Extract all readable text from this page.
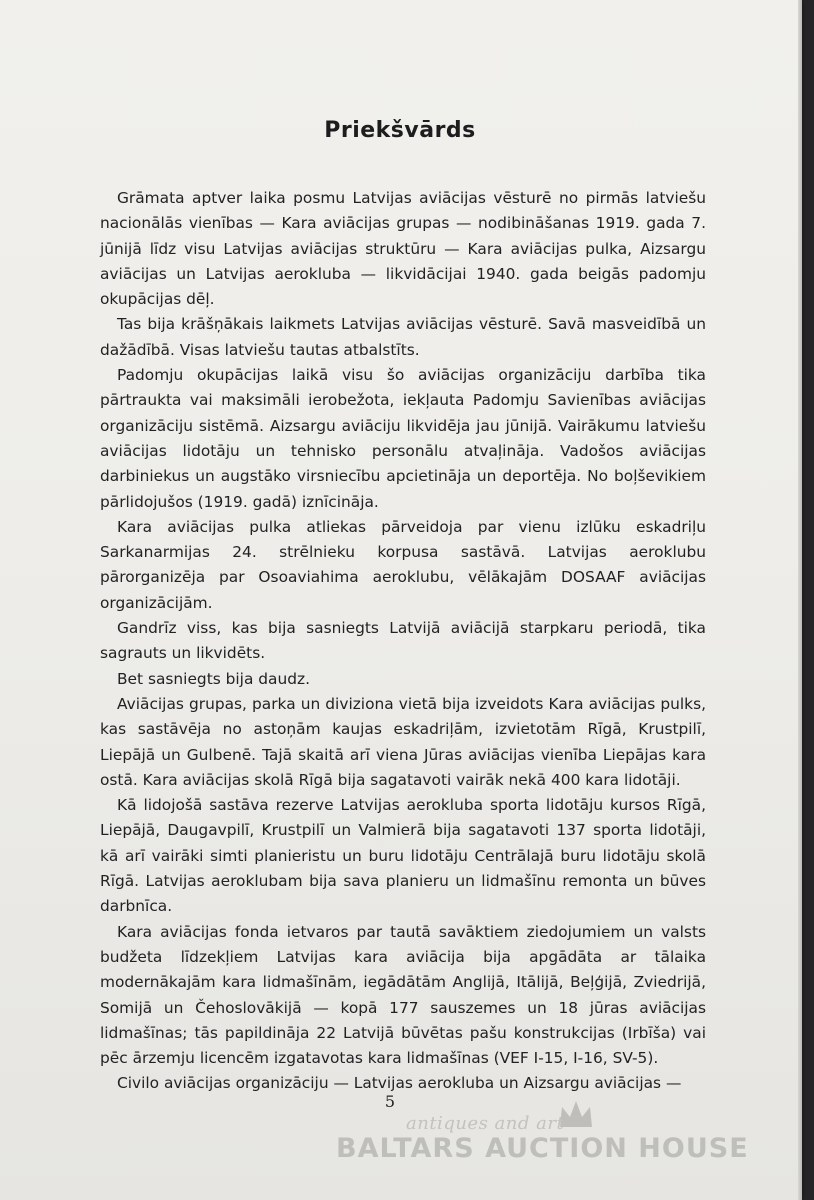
Priekšvārds

Grāmata aptver laika posmu Latvijas aviācijas vēsturē no pirmās latviešu nacionālās vienības — Kara aviācijas grupas — nodibināšanas 1919. gada 7. jūnijā līdz visu Latvijas aviācijas struktūru — Kara aviācijas pulka, Aizsargu aviācijas un Latvijas aerokluba — likvidācijai 1940. gada beigās padomju okupācijas dēļ.

Tas bija krāšņākais laikmets Latvijas aviācijas vēsturē. Savā masveidībā un dažādībā. Visas latviešu tautas atbalstīts.

Padomju okupācijas laikā visu šo aviācijas organizāciju darbība tika pārtraukta vai maksimāli ierobežota, iekļauta Padomju Savienības aviācijas organizāciju sistēmā. Aizsargu aviāciju likvidēja jau jūnijā. Vairākumu latviešu aviācijas lidotāju un tehnisko personālu atvaļināja. Vadošos aviācijas darbiniekus un augstāko virsniecību apcietināja un deportēja. No boļševikiem pārlidojušos (1919. gadā) iznīcināja.

Kara aviācijas pulka atliekas pārveidoja par vienu izlūku eskadriļu Sarkanarmijas 24. strēlnieku korpusa sastāvā. Latvijas aeroklubu pārorganizēja par Osoaviahima aeroklubu, vēlākajām DOSAAF aviācijas organizācijām.

Gandrīz viss, kas bija sasniegts Latvijā aviācijā starpkaru periodā, tika sagrauts un likvidēts.

Bet sasniegts bija daudz.

Aviācijas grupas, parka un diviziona vietā bija izveidots Kara aviācijas pulks, kas sastāvēja no astoņām kaujas eskadriļām, izvietotām Rīgā, Krustpilī, Liepājā un Gulbenē. Tajā skaitā arī viena Jūras aviācijas vienība Liepājas kara ostā. Kara aviācijas skolā Rīgā bija sagatavoti vairāk nekā 400 kara lidotāji.

Kā lidojošā sastāva rezerve Latvijas aerokluba sporta lidotāju kursos Rīgā, Liepājā, Daugavpilī, Krustpilī un Valmierā bija sagatavoti 137 sporta lidotāji, kā arī vairāki simti planieristu un buru lidotāju Centrālajā buru lidotāju skolā Rīgā. Latvijas aeroklubam bija sava planieru un lidmašīnu remonta un būves darbnīca.

Kara aviācijas fonda ietvaros par tautā savāktiem ziedojumiem un valsts budžeta līdzekļiem Latvijas kara aviācija bija apgādāta ar tālaika modernākajām kara lidmašīnām, iegādātām Anglijā, Itālijā, Beļģijā, Zviedrijā, Somijā un Čehoslovākijā — kopā 177 sauszemes un 18 jūras aviācijas lidmašīnas; tās papildināja 22 Latvijā būvētas pašu konstrukcijas (Irbīša) vai pēc ārzemju licencēm izgatavotas kara lidmašīnas (VEF I-15, I-16, SV-5).

Civilo aviācijas organizāciju — Latvijas aerokluba un Aizsargu aviācijas —

5
antiques and art
BALTARS AUCTION HOUSE
